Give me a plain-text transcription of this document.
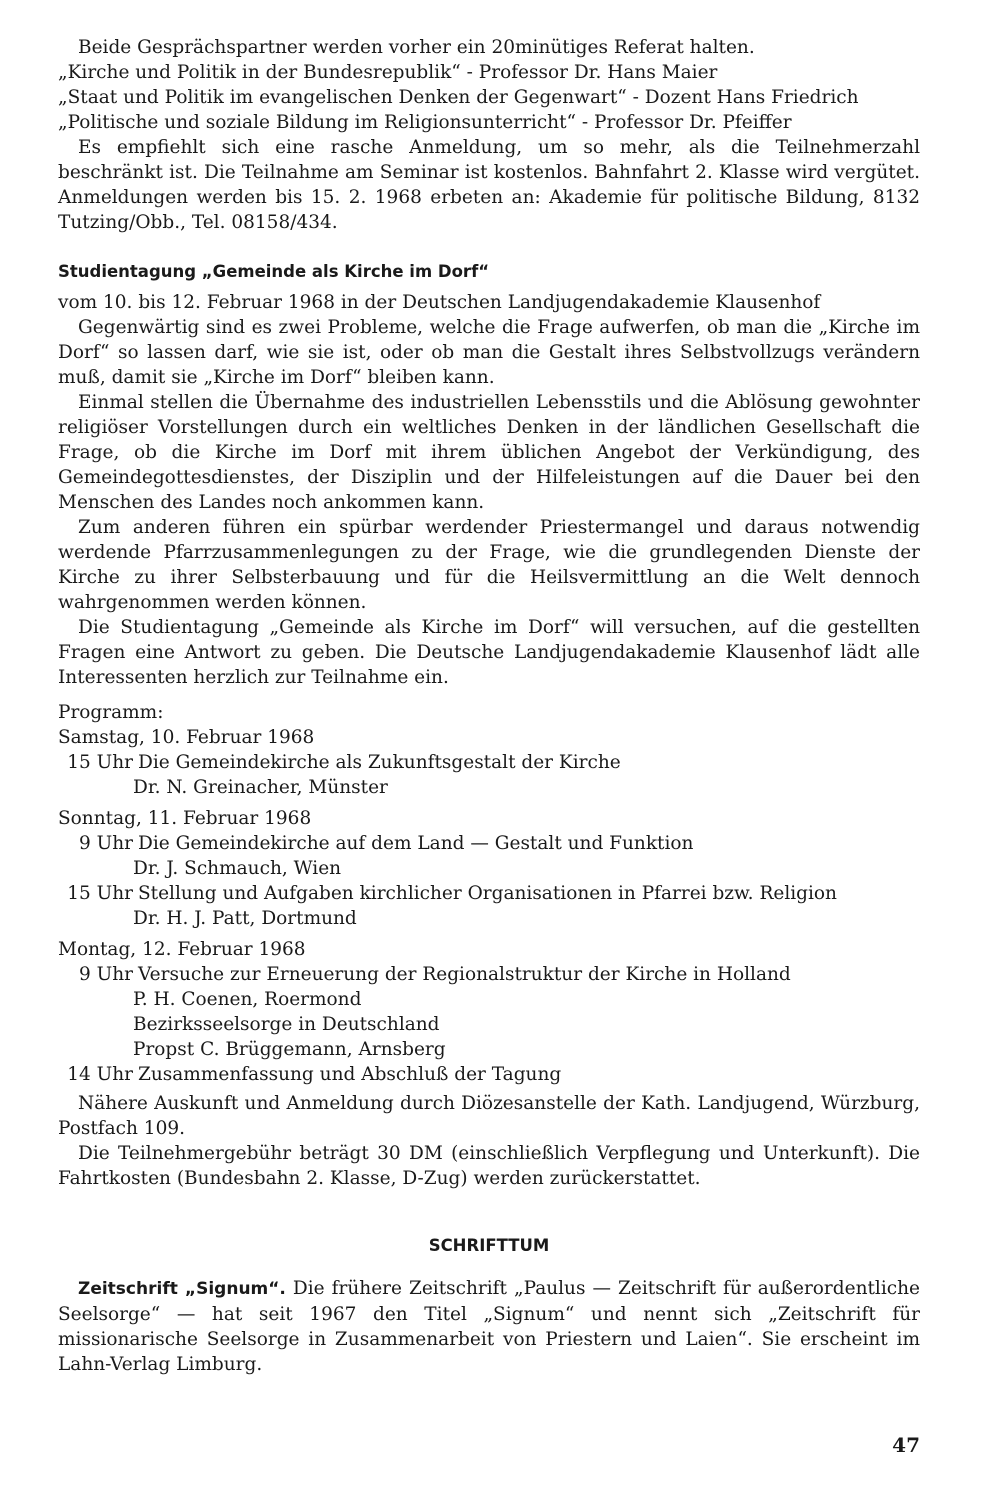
Beide Gesprächspartner werden vorher ein 20minütiges Referat halten.

„Kirche und Politik in der Bundesrepublik“ - Professor Dr. Hans Maier

„Staat und Politik im evangelischen Denken der Gegenwart“ - Dozent Hans Friedrich

„Politische und soziale Bildung im Religionsunterricht“ - Professor Dr. Pfeiffer

Es empfiehlt sich eine rasche Anmeldung, um so mehr, als die Teilnehmerzahl beschränkt ist. Die Teilnahme am Seminar ist kostenlos. Bahnfahrt 2. Klasse wird vergütet. Anmeldungen werden bis 15. 2. 1968 erbeten an: Akademie für politische Bildung, 8132 Tutzing/Obb., Tel. 08158/434.

Studientagung „Gemeinde als Kirche im Dorf“

vom 10. bis 12. Februar 1968 in der Deutschen Landjugendakademie Klausenhof

Gegenwärtig sind es zwei Probleme, welche die Frage aufwerfen, ob man die „Kirche im Dorf“ so lassen darf, wie sie ist, oder ob man die Gestalt ihres Selbstvollzugs verändern muß, damit sie „Kirche im Dorf“ bleiben kann.

Einmal stellen die Übernahme des industriellen Lebensstils und die Ablösung gewohnter religiöser Vorstellungen durch ein weltliches Denken in der ländlichen Gesellschaft die Frage, ob die Kirche im Dorf mit ihrem üblichen Angebot der Verkündigung, des Gemeindegottesdienstes, der Disziplin und der Hilfeleistungen auf die Dauer bei den Menschen des Landes noch ankommen kann.

Zum anderen führen ein spürbar werdender Priestermangel und daraus notwendig werdende Pfarrzusammenlegungen zu der Frage, wie die grundlegenden Dienste der Kirche zu ihrer Selbsterbauung und für die Heilsvermittlung an die Welt dennoch wahrgenommen werden können.

Die Studientagung „Gemeinde als Kirche im Dorf“ will versuchen, auf die gestellten Fragen eine Antwort zu geben. Die Deutsche Landjugendakademie Klausenhof lädt alle Interessenten herzlich zur Teilnahme ein.

Programm:
Samstag, 10. Februar 1968
15 Uhr Die Gemeindekirche als Zukunftsgestalt der Kirche
Dr. N. Greinacher, Münster
Sonntag, 11. Februar 1968
9 Uhr Die Gemeindekirche auf dem Land — Gestalt und Funktion
Dr. J. Schmauch, Wien
15 Uhr Stellung und Aufgaben kirchlicher Organisationen in Pfarrei bzw. Religion
Dr. H. J. Patt, Dortmund
Montag, 12. Februar 1968
9 Uhr Versuche zur Erneuerung der Regionalstruktur der Kirche in Holland
P. H. Coenen, Roermond
Bezirksseelsorge in Deutschland
Propst C. Brüggemann, Arnsberg
14 Uhr Zusammenfassung und Abschluß der Tagung

Nähere Auskunft und Anmeldung durch Diözesanstelle der Kath. Landjugend, Würzburg, Postfach 109.

Die Teilnehmergebühr beträgt 30 DM (einschließlich Verpflegung und Unterkunft). Die Fahrtkosten (Bundesbahn 2. Klasse, D-Zug) werden zurückerstattet.

SCHRIFTTUM

Zeitschrift „Signum“. Die frühere Zeitschrift „Paulus — Zeitschrift für außerordentliche Seelsorge“ — hat seit 1967 den Titel „Signum“ und nennt sich „Zeitschrift für missionarische Seelsorge in Zusammenarbeit von Priestern und Laien“. Sie erscheint im Lahn-Verlag Limburg.

47
